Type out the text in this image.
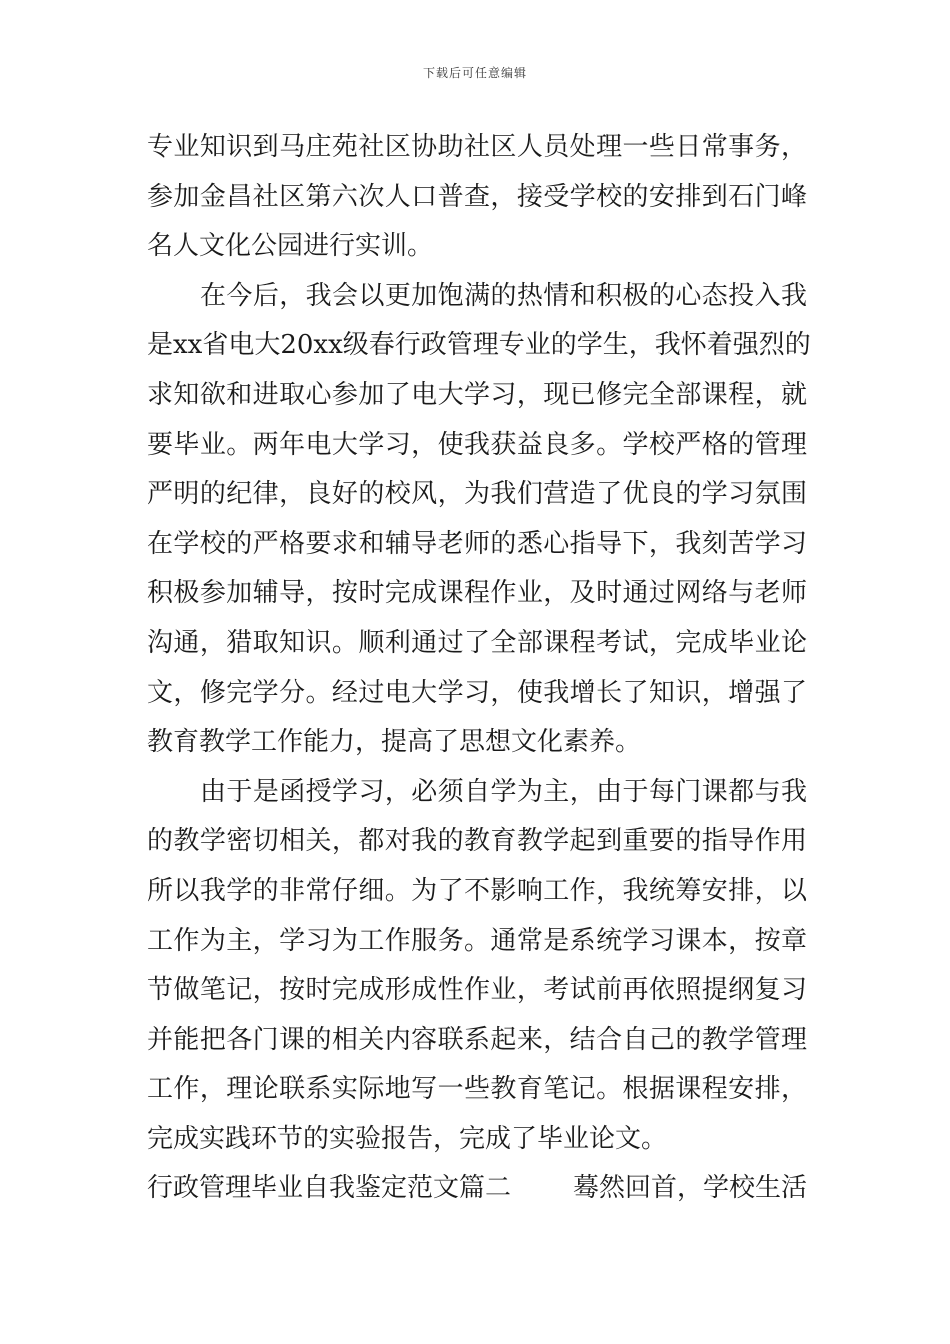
下载后可任意编辑
专业知识到马庄苑社区协助社区人员处理一些日常事务，
参加金昌社区第六次人口普查，接受学校的安排到石门峰
名人文化公园进行实训。
在今后，我会以更加饱满的热情和积极的心态投入我
是xx省电大20xx级春行政管理专业的学生，我怀着强烈的
求知欲和进取心参加了电大学习，现已修完全部课程，就
要毕业。两年电大学习，使我获益良多。学校严格的管理
严明的纪律，良好的校风，为我们营造了优良的学习氛围
在学校的严格要求和辅导老师的悉心指导下，我刻苦学习
积极参加辅导，按时完成课程作业，及时通过网络与老师
沟通，猎取知识。顺利通过了全部课程考试，完成毕业论
文，修完学分。经过电大学习，使我增长了知识，增强了
教育教学工作能力，提高了思想文化素养。
由于是函授学习，必须自学为主，由于每门课都与我
的教学密切相关，都对我的教育教学起到重要的指导作用
所以我学的非常仔细。为了不影响工作，我统筹安排，以
工作为主，学习为工作服务。通常是系统学习课本，按章
节做笔记，按时完成形成性作业，考试前再依照提纲复习
并能把各门课的相关内容联系起来，结合自己的教学管理
工作，理论联系实际地写一些教育笔记。根据课程安排，
完成实践环节的实验报告，完成了毕业论文。
行政管理毕业自我鉴定范文篇二 蓦然回首，学校生活
